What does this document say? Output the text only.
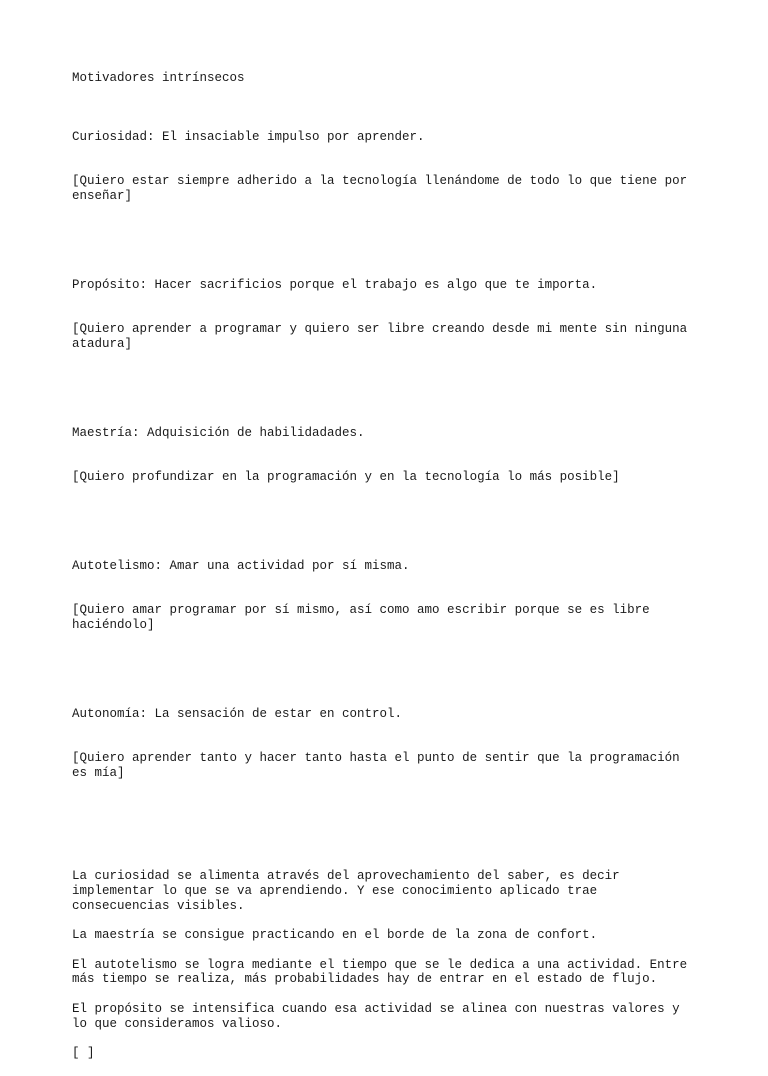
Motivadores intrínsecos

Curiosidad: El insaciable impulso por aprender.

[Quiero estar siempre adherido a la tecnología llenándome de todo lo que tiene por enseñar]

Propósito: Hacer sacrificios porque el trabajo es algo que te importa.

[Quiero aprender a programar y quiero ser libre creando desde mi mente sin ninguna atadura]

Maestría: Adquisición de habilidadades.

[Quiero profundizar en la programación y en la tecnología lo más posible]

Autotelismo: Amar una actividad por sí misma.

[Quiero amar programar por sí mismo, así como amo escribir porque se es libre haciéndolo]

Autonomía: La sensación de estar en control.

[Quiero aprender tanto y hacer tanto hasta el punto de sentir que la programación es mía]

La curiosidad se alimenta através del aprovechamiento del saber, es decir implementar lo que se va aprendiendo. Y ese conocimiento aplicado trae consecuencias visibles.
La maestría se consigue practicando en el borde de la zona de confort.
El autotelismo se logra mediante el tiempo que se le dedica a una actividad. Entre más tiempo se realiza, más probabilidades hay de entrar en el estado de flujo.
El propósito se intensifica cuando esa actividad se alinea con nuestras valores y lo que consideramos valioso.
[ ]
